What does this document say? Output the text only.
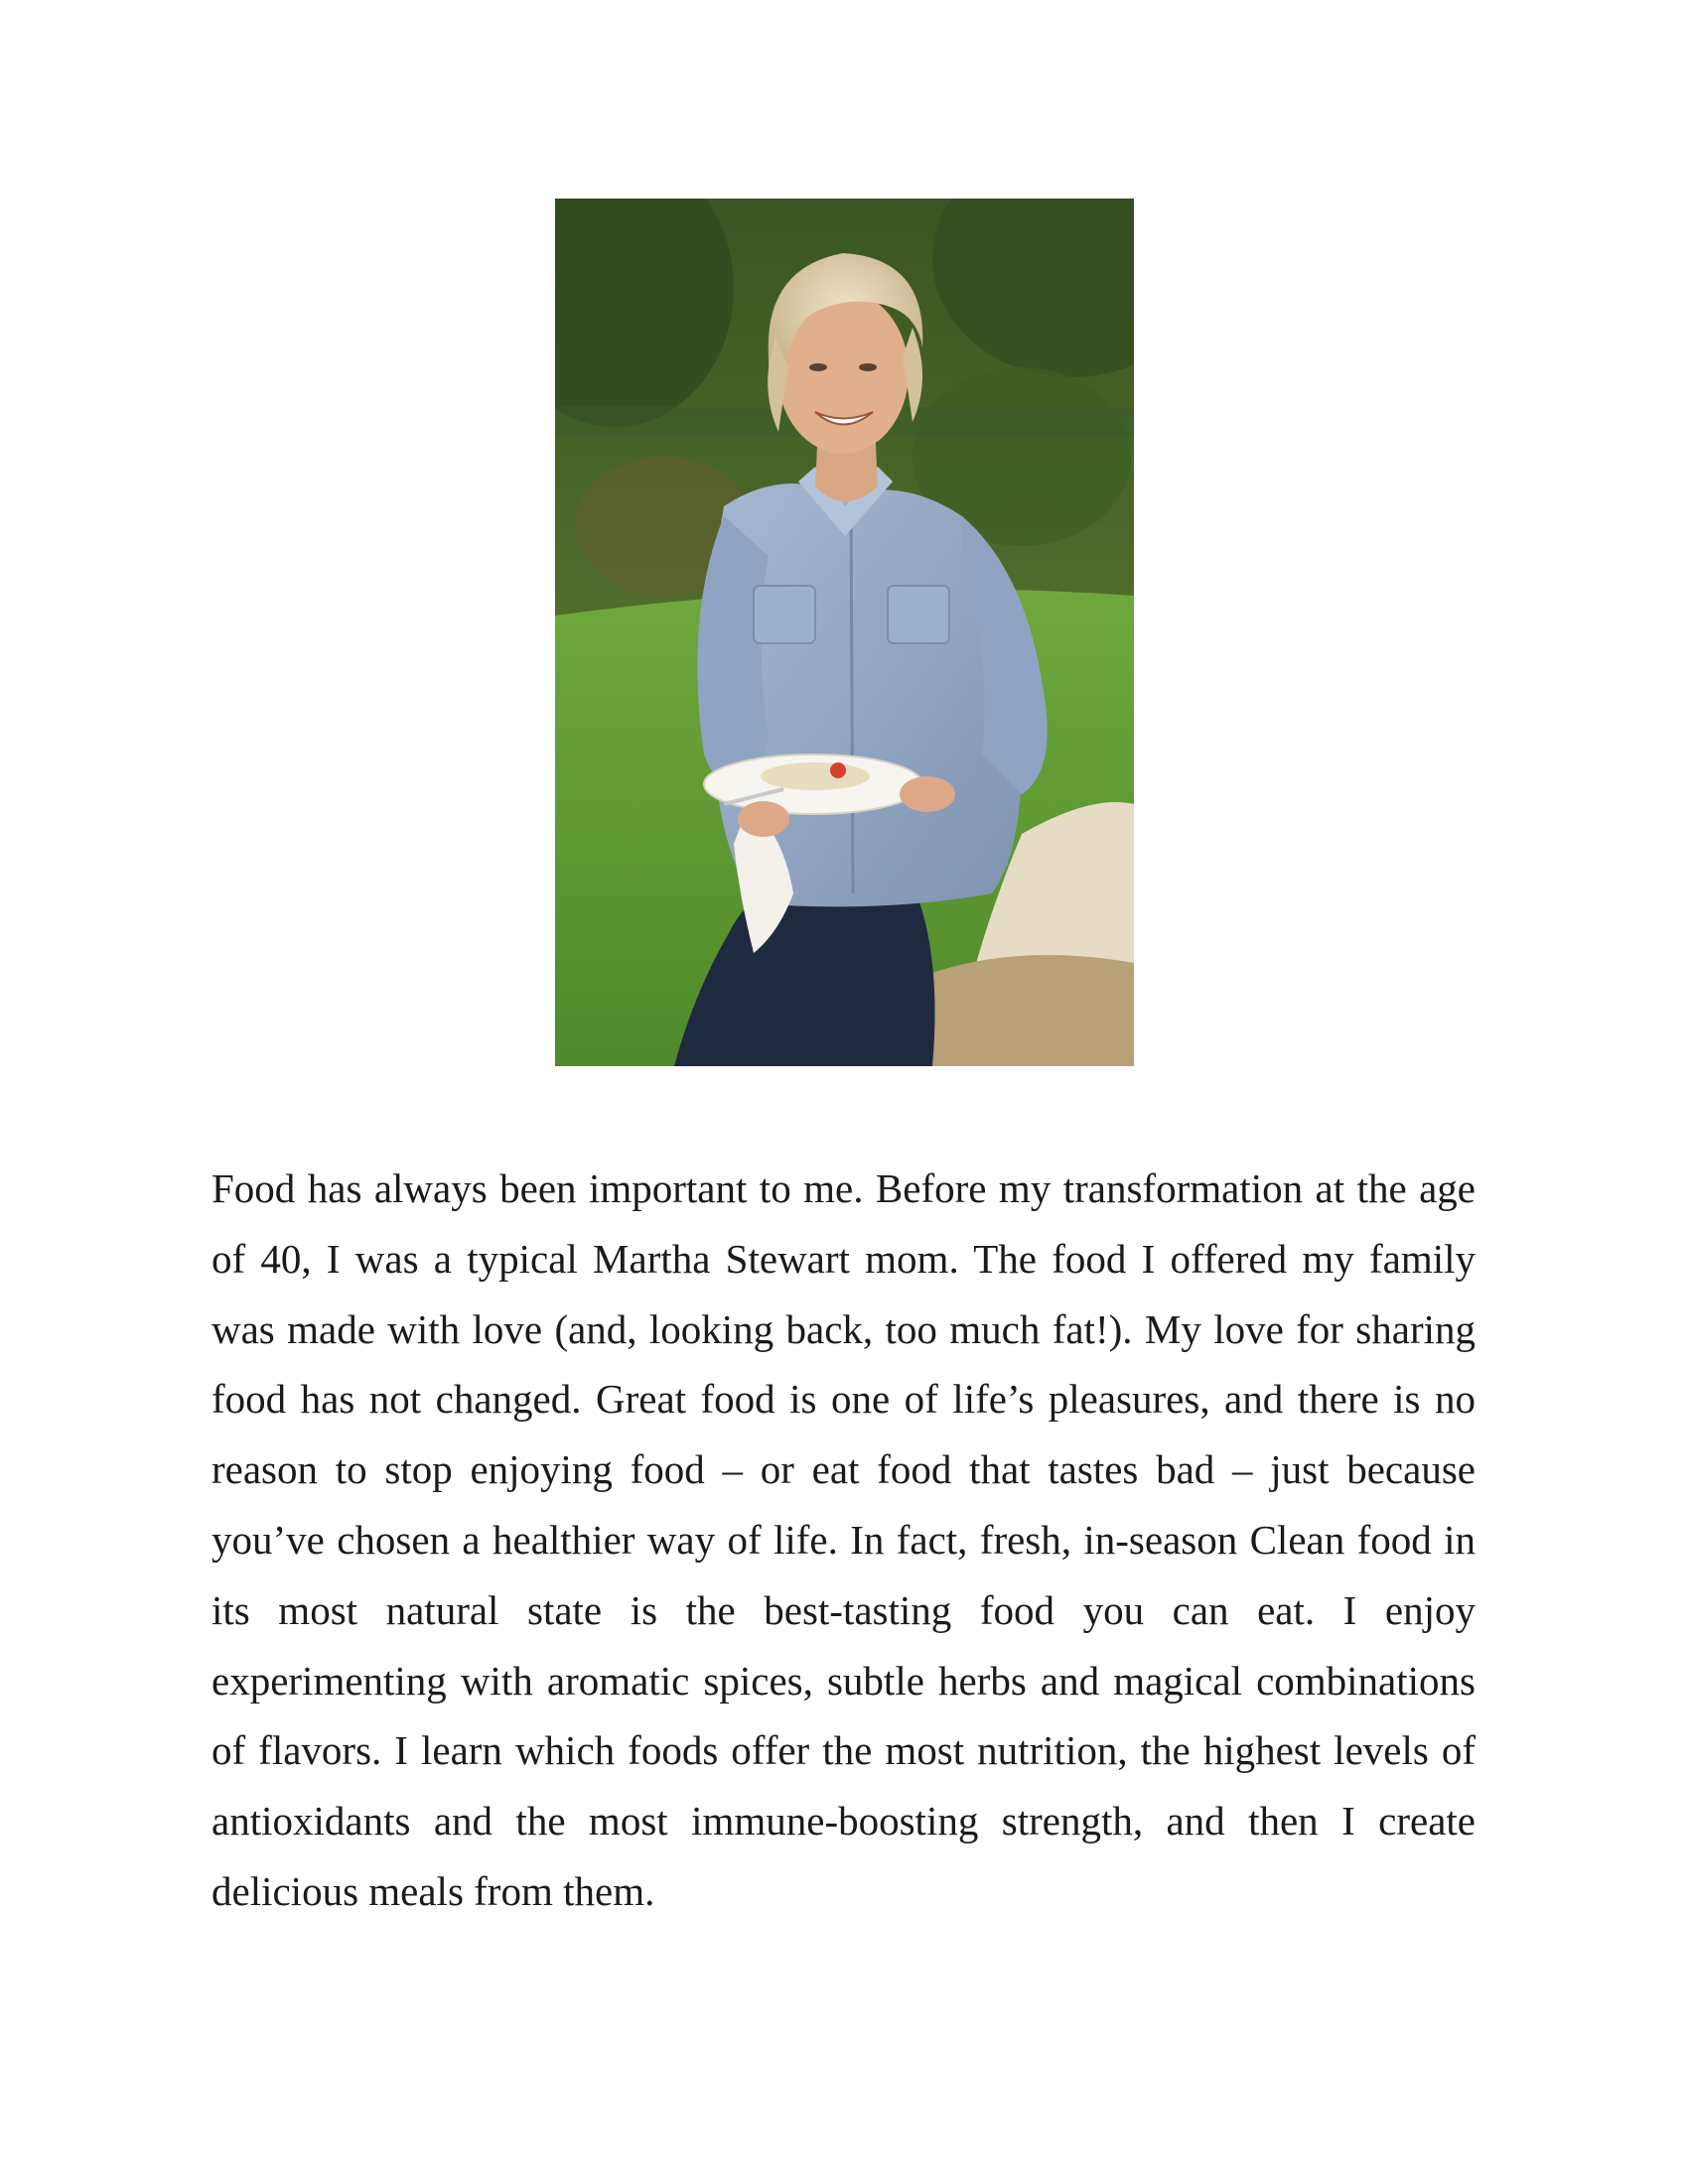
Food has always been important to me. Before my transformation at the age of 40, I was a typical Martha Stewart mom. The food I offered my family was made with love (and, looking back, too much fat!). My love for sharing food has not changed. Great food is one of life’s pleasures, and there is no reason to stop enjoying food – or eat food that tastes bad – just because you’ve chosen a healthier way of life. In fact, fresh, in-season Clean food in its most natural state is the best-tasting food you can eat. I enjoy experimenting with aromatic spices, subtle herbs and magical combinations of flavors. I learn which foods offer the most nutrition, the highest levels of antioxidants and the most immune-boosting strength, and then I create delicious meals from them.
